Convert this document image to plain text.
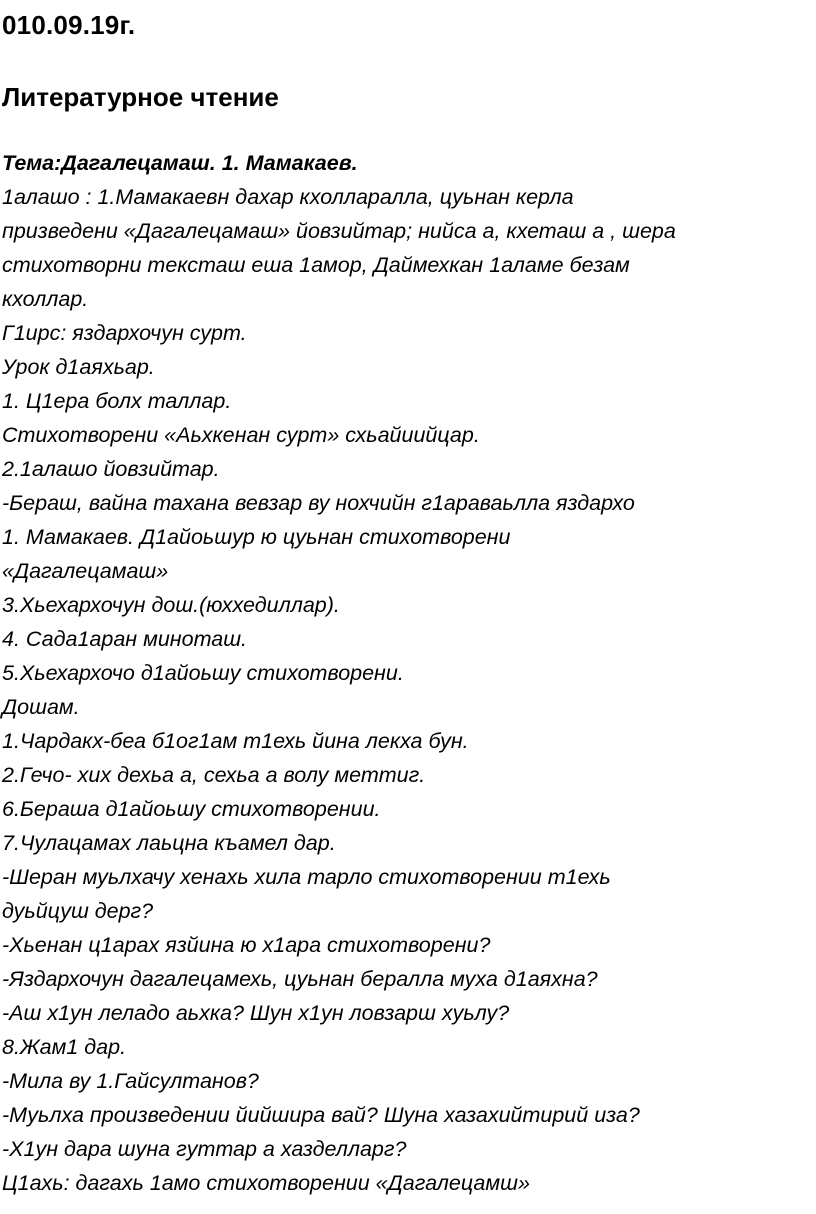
010.09.19г.

Литературное чтение

Тема:Дагалецамаш. 1. Мамакаев.

1алашо : 1.Мамакаевн дахар кхолларалла, цуьнан керла

призведени «Дагалецамаш» йовзийтар; нийса а, кхеташ а , шера

стихотворни тексташ еша 1амор, Даймехкан 1аламе безам

кхоллар.

Г1ирс: яздархочун сурт.

Урок д1аяхьар.

1. Ц1ера болх таллар.

Стихотворени «Аьхкенан сурт» схьайиийцар.

2.1алашо йовзийтар.

-Бераш, вайна тахана вевзар ву нохчийн г1араваьлла яздархо

1. Мамакаев. Д1айоьшур ю цуьнан стихотворени

«Дагалецамаш»

3.Хьехархочун дош.(юххедиллар).

4. Сада1аран миноташ.

5.Хьехархочо д1айоьшу стихотворени.

Дошам.

1.Чардакх-беа б1ог1ам т1ехь йина лекха бун.

2.Гечо- хих дехьа а, сехьа а волу меттиг.

6.Бераша д1айоьшу стихотворении.

7.Чулацамах лаьцна къамел дар.

-Шеран муьлхачу хенахь хила тарло стихотворении т1ехь

дуьйцуш дерг?

-Хьенан ц1арах язйина ю х1ара стихотворени?

-Яздархочун дагалецамехь, цуьнан бералла муха д1аяхна?

-Аш х1ун леладо аьхка? Шун х1ун ловзарш хуьлу?

8.Жам1 дар.

-Мила ву 1.Гайсултанов?

-Муьлха произведении йийшира вай? Шуна хазахийтирий иза?

-Х1ун дара шуна гуттар а хазделларг?

Ц1ахь: дагахь 1амо стихотворении «Дагалецамш»
